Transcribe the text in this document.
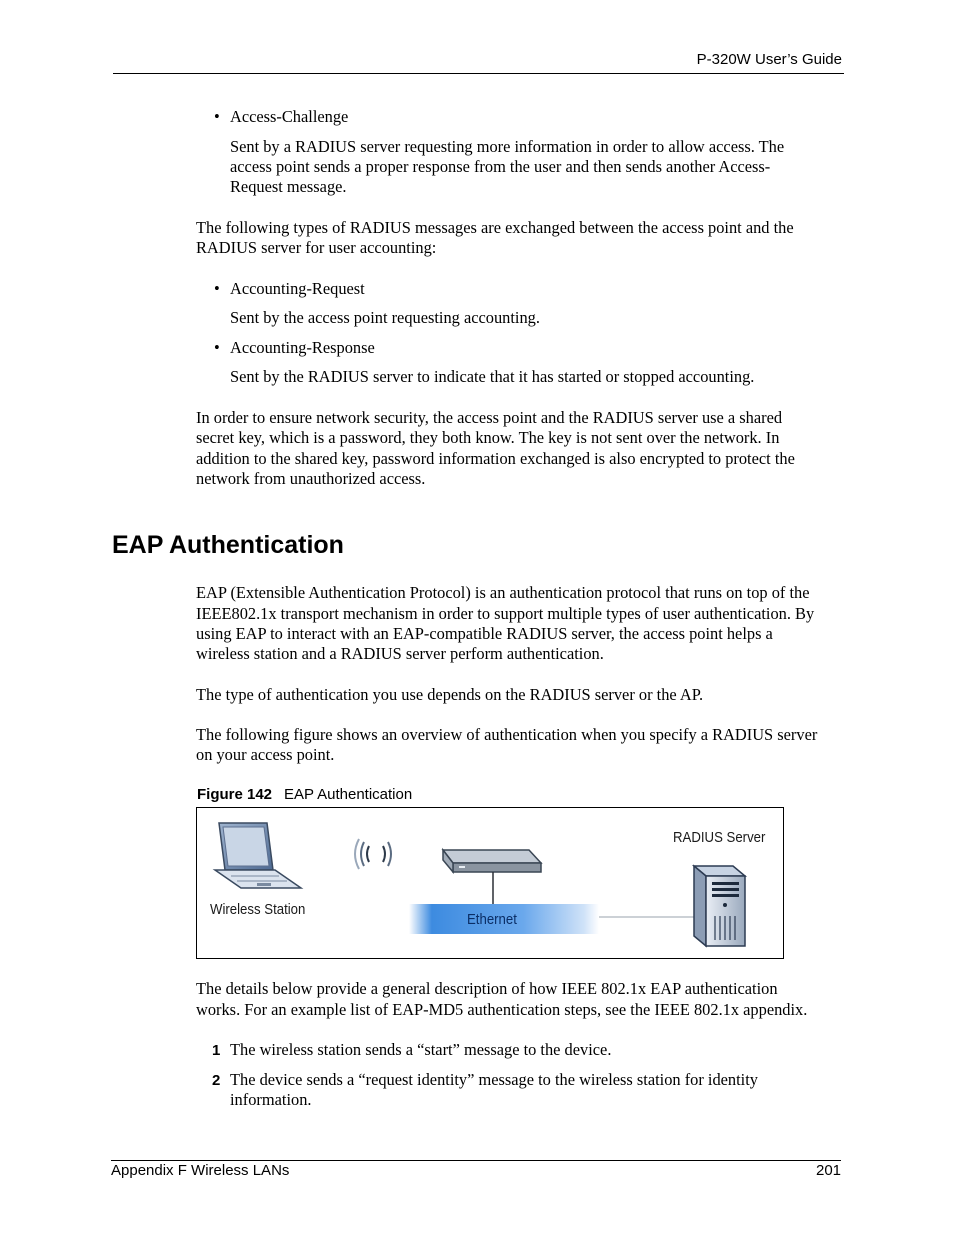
P-320W User’s Guide
• Access-Challenge
Sent by a RADIUS server requesting more information in order to allow access. The
access point sends a proper response from the user and then sends another Access-
Request message.
The following types of RADIUS messages are exchanged between the access point and the
RADIUS server for user accounting:
• Accounting-Request
Sent by the access point requesting accounting.
• Accounting-Response
Sent by the RADIUS server to indicate that it has started or stopped accounting.
In order to ensure network security, the access point and the RADIUS server use a shared
secret key, which is a password, they both know. The key is not sent over the network. In
addition to the shared key, password information exchanged is also encrypted to protect the
network from unauthorized access.
EAP Authentication
EAP (Extensible Authentication Protocol) is an authentication protocol that runs on top of the
IEEE802.1x transport mechanism in order to support multiple types of user authentication. By
using EAP to interact with an EAP-compatible RADIUS server, the access point helps a
wireless station and a RADIUS server perform authentication.
The type of authentication you use depends on the RADIUS server or the AP.
The following figure shows an overview of authentication when you specify a RADIUS server
on your access point.
Figure 142 EAP Authentication
Wireless Station
Ethernet
RADIUS Server
The details below provide a general description of how IEEE 802.1x EAP authentication
works. For an example list of EAP-MD5 authentication steps, see the IEEE 802.1x appendix.
1 The wireless station sends a “start” message to the device.
2 The device sends a “request identity” message to the wireless station for identity
information.
Appendix F Wireless LANs	201
